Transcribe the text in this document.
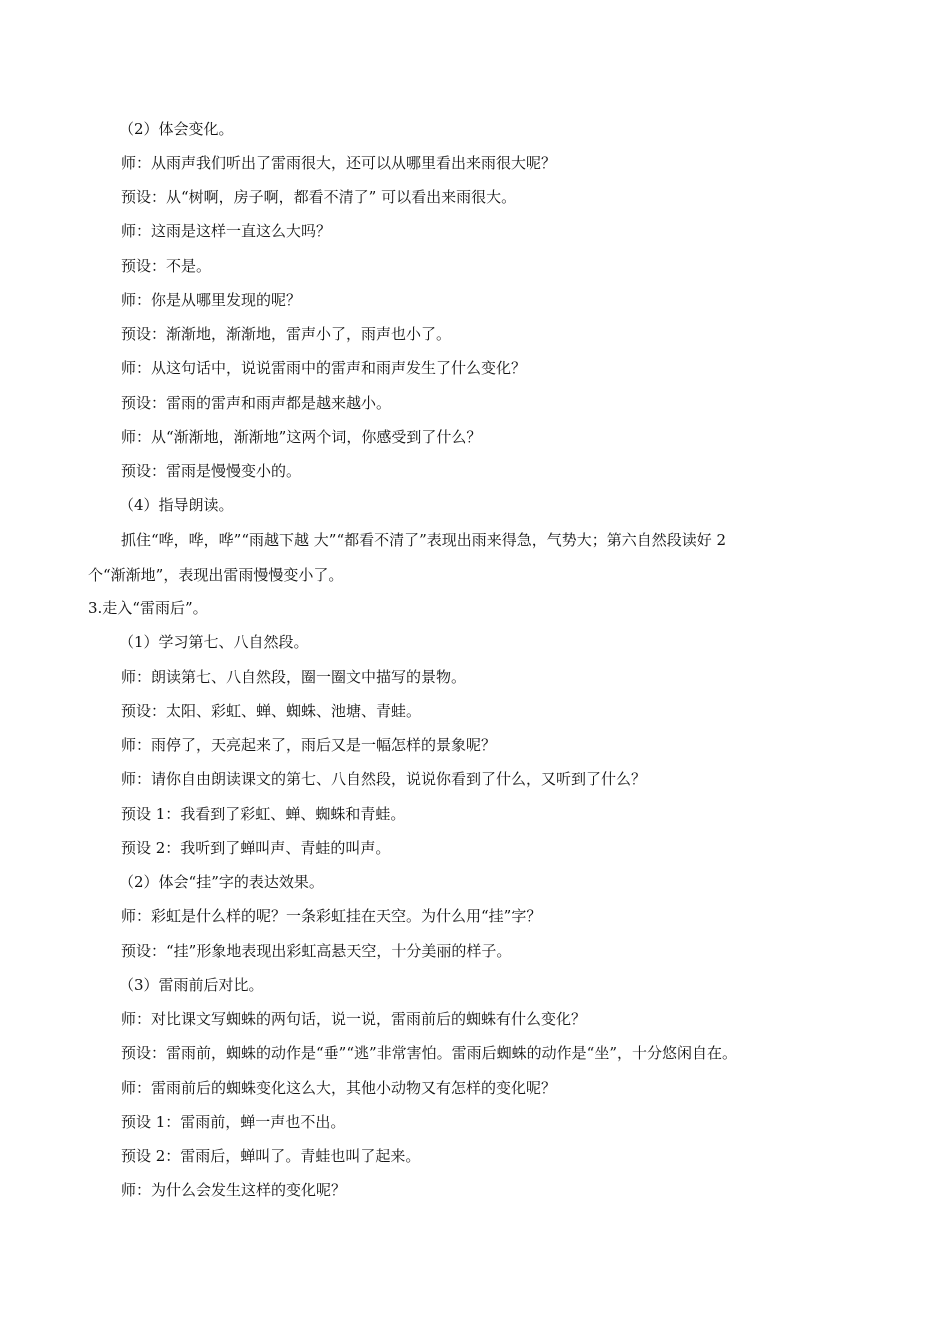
（2）体会变化。
师：从雨声我们听出了雷雨很大，还可以从哪里看出来雨很大呢？
预设：从“树啊，房子啊，都看不清了” 可以看出来雨很大。
师：这雨是这样一直这么大吗？
预设：不是。
师：你是从哪里发现的呢？
预设：渐渐地，渐渐地，雷声小了，雨声也小了。
师：从这句话中，说说雷雨中的雷声和雨声发生了什么变化？
预设：雷雨的雷声和雨声都是越来越小。
师：从“渐渐地，渐渐地”这两个词，你感受到了什么？
预设：雷雨是慢慢变小的。
（4）指导朗读。
抓住“哗，哗，哗”“雨越下越 大”“都看不清了”表现出雨来得急，气势大；第六自然段读好 2
个“渐渐地”，表现出雷雨慢慢变小了。
3.走入“雷雨后”。
（1）学习第七、八自然段。
师：朗读第七、八自然段，圈一圈文中描写的景物。
预设：太阳、彩虹、蝉、蜘蛛、池塘、青蛙。
师：雨停了，天亮起来了，雨后又是一幅怎样的景象呢？
师：请你自由朗读课文的第七、八自然段，说说你看到了什么，又听到了什么？
预设 1：我看到了彩虹、蝉、蜘蛛和青蛙。
预设 2：我听到了蝉叫声、青蛙的叫声。
（2）体会“挂”字的表达效果。
师：彩虹是什么样的呢？一条彩虹挂在天空。为什么用“挂”字？
预设：“挂”形象地表现出彩虹高悬天空，十分美丽的样子。
（3）雷雨前后对比。
师：对比课文写蜘蛛的两句话，说一说，雷雨前后的蜘蛛有什么变化？
预设：雷雨前，蜘蛛的动作是“垂”“逃”非常害怕。雷雨后蜘蛛的动作是“坐”，十分悠闲自在。
师：雷雨前后的蜘蛛变化这么大，其他小动物又有怎样的变化呢？
预设 1：雷雨前，蝉一声也不出。
预设 2：雷雨后，蝉叫了。青蛙也叫了起来。
师：为什么会发生这样的变化呢？
